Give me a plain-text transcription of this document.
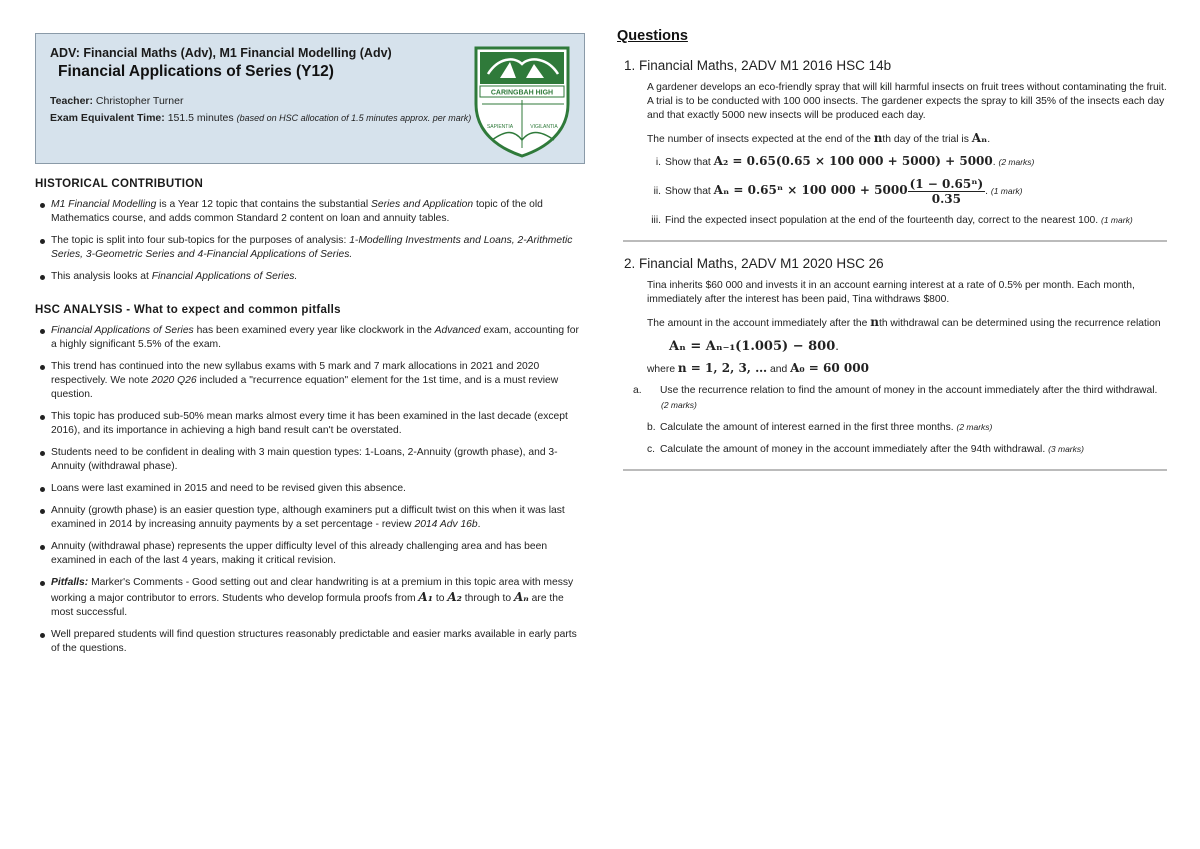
ADV: Financial Maths (Adv), M1 Financial Modelling (Adv)
Financial Applications of Series (Y12)
Teacher: Christopher Turner
Exam Equivalent Time: 151.5 minutes (based on HSC allocation of 1.5 minutes approx. per mark)
CARINGBAH HIGH
SAPIENTIA	VIGILANTIA
HISTORICAL CONTRIBUTION
M1 Financial Modelling is a Year 12 topic that contains the substantial Series and Application topic of the old Mathematics course, and adds common Standard 2 content on loan and annuity tables.
The topic is split into four sub-topics for the purposes of analysis: 1-Modelling Investments and Loans, 2-Arithmetic Series, 3-Geometric Series and 4-Financial Applications of Series.
This analysis looks at Financial Applications of Series.
HSC ANALYSIS - What to expect and common pitfalls
Financial Applications of Series has been examined every year like clockwork in the Advanced exam, accounting for a highly significant 5.5% of the exam.
This trend has continued into the new syllabus exams with 5 mark and 7 mark allocations in 2021 and 2020 respectively. We note 2020 Q26 included a "recurrence equation" element for the 1st time, and is a must review question.
This topic has produced sub-50% mean marks almost every time it has been examined in the last decade (except 2016), and its importance in achieving a high band result can't be overstated.
Students need to be confident in dealing with 3 main question types: 1-Loans, 2-Annuity (growth phase), and 3-Annuity (withdrawal phase).
Loans were last examined in 2015 and need to be revised given this absence.
Annuity (growth phase) is an easier question type, although examiners put a difficult twist on this when it was last examined in 2014 by increasing annuity payments by a set percentage - review 2014 Adv 16b.
Annuity (withdrawal phase) represents the upper difficulty level of this already challenging area and has been examined in each of the last 4 years, making it critical revision.
Pitfalls: Marker's Comments - Good setting out and clear handwriting is at a premium in this topic area with messy working a major contributor to errors. Students who develop formula proofs from A₁ to A₂ through to Aₙ are the most successful.
Well prepared students will find question structures reasonably predictable and easier marks available in early parts of the questions.
Questions
1. Financial Maths, 2ADV M1 2016 HSC 14b

A gardener develops an eco-friendly spray that will kill harmful insects on fruit trees without contaminating the fruit. A trial is to be conducted with 100 000 insects. The gardener expects the spray to kill 35% of the insects each day and that exactly 5000 new insects will be produced each day.

The number of insects expected at the end of the nth day of the trial is Aₙ.

i. Show that A₂ = 0.65(0.65 × 100 000 + 5000) + 5000. (2 marks)
ii. Show that Aₙ = 0.65ⁿ × 100 $000 + 5000 \frac{\text{(1 − 0.65ⁿ)}}{0.35}$ . (1 mark)
iii. Find the expected insect population at the end of the fourteenth day, correct to the nearest 100. (1 mark)
2. Financial Maths, 2ADV M1 2020 HSC 26

Tina inherits $60 000 and invests it in an account earning interest at a rate of 0.5% per month. Each month, immediately after the interest has been paid, Tina withdraws $800.

The amount in the account immediately after the nth withdrawal can be determined using the recurrence relation

Aₙ = Aₙ₋₁(1.005) − 800.

where n = 1, 2, 3, … and A₀ = 60 000
a. Use the recurrence relation to find the amount of money in the account immediately after the third withdrawal. (2 marks)
b. Calculate the amount of interest earned in the first three months. (2 marks)
c. Calculate the amount of money in the account immediately after the 94th withdrawal. (3 marks)
